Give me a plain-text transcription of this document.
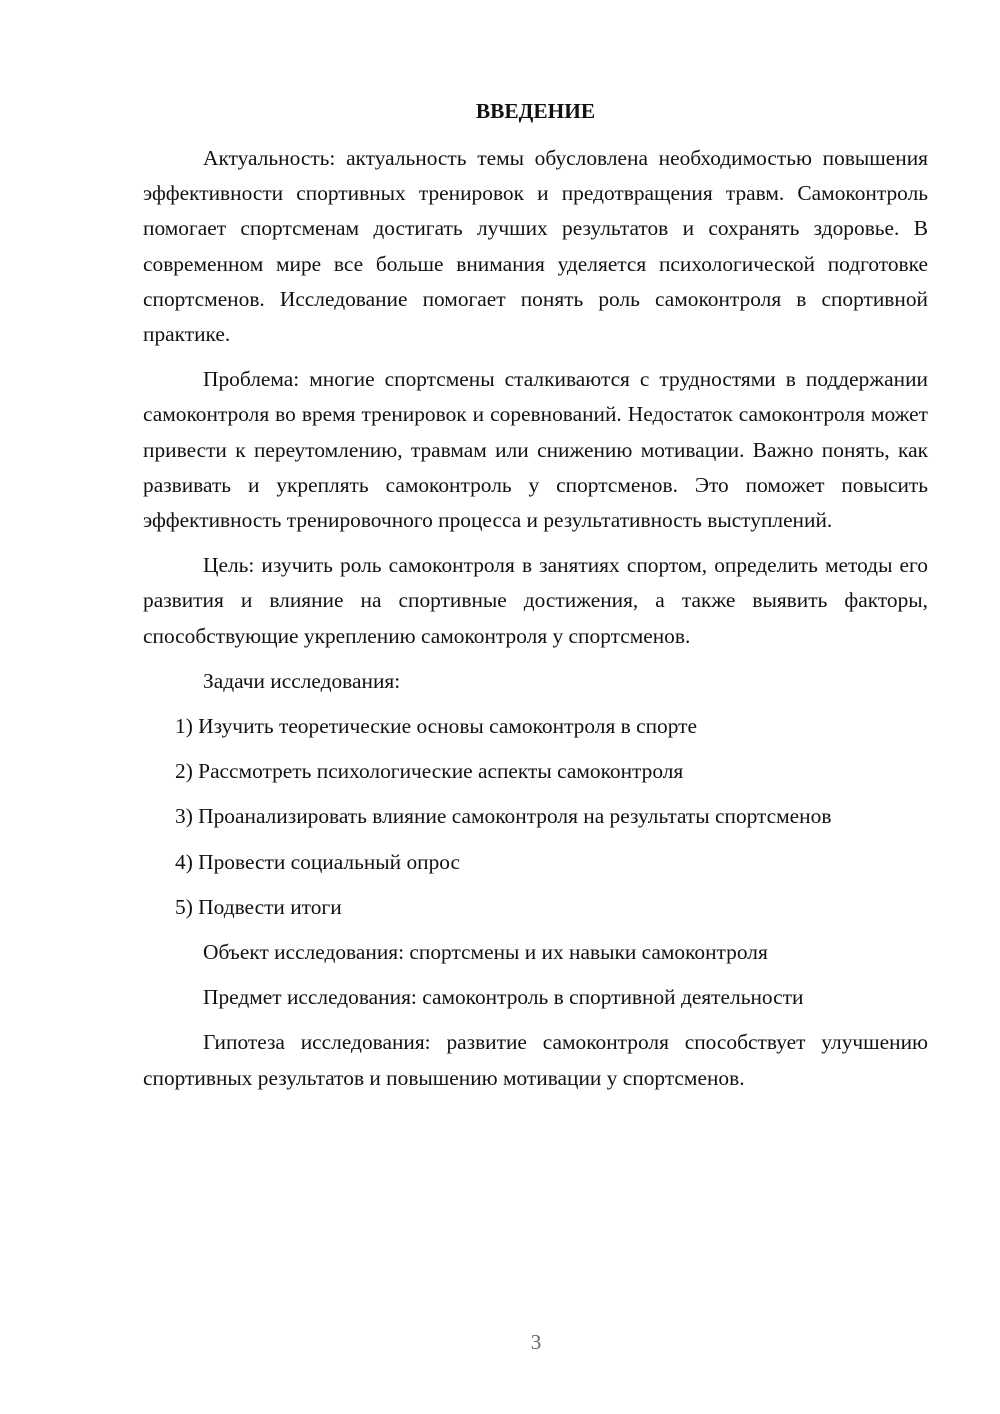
ВВЕДЕНИЕ

Актуальность: актуальность темы обусловлена необходимостью повышения эффективности спортивных тренировок и предотвращения травм. Самоконтроль помогает спортсменам достигать лучших результатов и сохранять здоровье. В современном мире все больше внимания уделяется психологической подготовке спортсменов. Исследование помогает понять роль самоконтроля в спортивной практике.

Проблема: многие спортсмены сталкиваются с трудностями в поддержании самоконтроля во время тренировок и соревнований. Недостаток самоконтроля может привести к переутомлению, травмам или снижению мотивации. Важно понять, как развивать и укреплять самоконтроль у спортсменов. Это поможет повысить эффективность тренировочного процесса и результативность выступлений.

Цель: изучить роль самоконтроля в занятиях спортом, определить методы его развития и влияние на спортивные достижения, а также выявить факторы, способствующие укреплению самоконтроля у спортсменов.

Задачи исследования:

1) Изучить теоретические основы самоконтроля в спорте

2) Рассмотреть психологические аспекты самоконтроля

3) Проанализировать влияние самоконтроля на результаты спортсменов

4) Провести социальный опрос

5) Подвести итоги

Объект исследования: спортсмены и их навыки самоконтроля

Предмет исследования: самоконтроль в спортивной деятельности

Гипотеза исследования: развитие самоконтроля способствует улучшению спортивных результатов и повышению мотивации у спортсменов.

3
